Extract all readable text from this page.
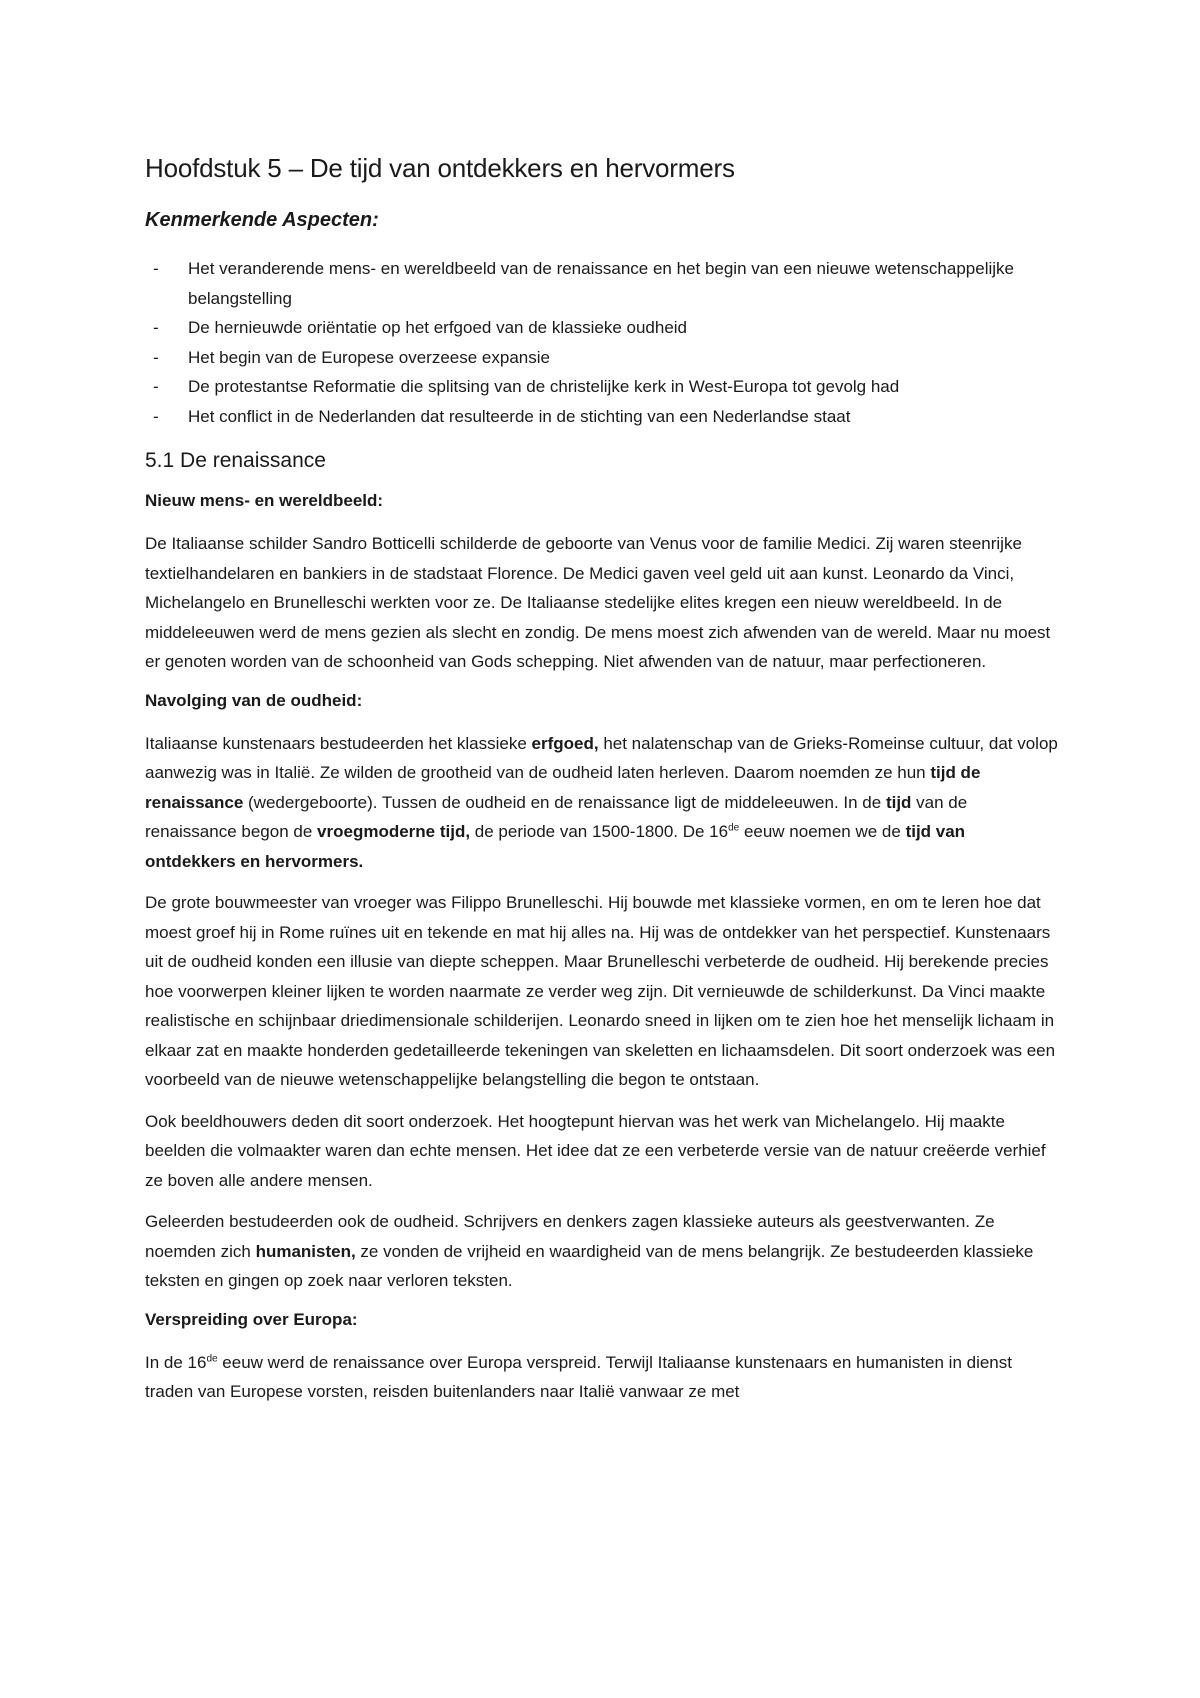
Hoofdstuk 5 – De tijd van ontdekkers en hervormers
Kenmerkende Aspecten:
- Het veranderende mens- en wereldbeeld van de renaissance en het begin van een nieuwe wetenschappelijke belangstelling
- De hernieuwde oriëntatie op het erfgoed van de klassieke oudheid
- Het begin van de Europese overzeese expansie
- De protestantse Reformatie die splitsing van de christelijke kerk in West-Europa tot gevolg had
- Het conflict in de Nederlanden dat resulteerde in de stichting van een Nederlandse staat
5.1 De renaissance
Nieuw mens- en wereldbeeld:

De Italiaanse schilder Sandro Botticelli schilderde de geboorte van Venus voor de familie Medici. Zij waren steenrijke textielhandelaren en bankiers in de stadstaat Florence. De Medici gaven veel geld uit aan kunst. Leonardo da Vinci, Michelangelo en Brunelleschi werkten voor ze. De Italiaanse stedelijke elites kregen een nieuw wereldbeeld. In de middeleeuwen werd de mens gezien als slecht en zondig. De mens moest zich afwenden van de wereld. Maar nu moest er genoten worden van de schoonheid van Gods schepping. Niet afwenden van de natuur, maar perfectioneren.

Navolging van de oudheid:

Italiaanse kunstenaars bestudeerden het klassieke erfgoed, het nalatenschap van de Grieks-Romeinse cultuur, dat volop aanwezig was in Italië. Ze wilden de grootheid van de oudheid laten herleven. Daarom noemden ze hun tijd de renaissance (wedergeboorte). Tussen de oudheid en de renaissance ligt de middeleeuwen. In de tijd van de renaissance begon de vroegmoderne tijd, de periode van 1500-1800. De 16de eeuw noemen we de tijd van ontdekkers en hervormers.

De grote bouwmeester van vroeger was Filippo Brunelleschi. Hij bouwde met klassieke vormen, en om te leren hoe dat moest groef hij in Rome ruïnes uit en tekende en mat hij alles na. Hij was de ontdekker van het perspectief. Kunstenaars uit de oudheid konden een illusie van diepte scheppen. Maar Brunelleschi verbeterde de oudheid. Hij berekende precies hoe voorwerpen kleiner lijken te worden naarmate ze verder weg zijn. Dit vernieuwde de schilderkunst. Da Vinci maakte realistische en schijnbaar driedimensionale schilderijen. Leonardo sneed in lijken om te zien hoe het menselijk lichaam in elkaar zat en maakte honderden gedetailleerde tekeningen van skeletten en lichaamsdelen. Dit soort onderzoek was een voorbeeld van de nieuwe wetenschappelijke belangstelling die begon te ontstaan.

Ook beeldhouwers deden dit soort onderzoek. Het hoogtepunt hiervan was het werk van Michelangelo. Hij maakte beelden die volmaakter waren dan echte mensen. Het idee dat ze een verbeterde versie van de natuur creëerde verhief ze boven alle andere mensen.

Geleerden bestudeerden ook de oudheid. Schrijvers en denkers zagen klassieke auteurs als geestverwanten. Ze noemden zich humanisten, ze vonden de vrijheid en waardigheid van de mens belangrijk. Ze bestudeerden klassieke teksten en gingen op zoek naar verloren teksten.

Verspreiding over Europa:

In de 16de eeuw werd de renaissance over Europa verspreid. Terwijl Italiaanse kunstenaars en humanisten in dienst traden van Europese vorsten, reisden buitenlanders naar Italië vanwaar ze met
